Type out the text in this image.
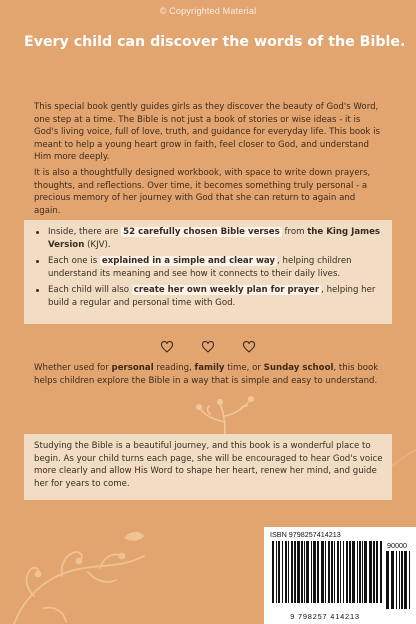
© Copyrighted Material
Every child can discover the words of the Bible.
This special book gently guides girls as they discover the beauty of God's Word, one step at a time. The Bible is not just a book of stories or wise ideas - it is God's living voice, full of love, truth, and guidance for everyday life. This book is meant to help a young heart grow in faith, feel closer to God, and understand Him more deeply.
It is also a thoughtfully designed workbook, with space to write down prayers, thoughts, and reflections. Over time, it becomes something truly personal - a precious memory of her journey with God that she can return to again and again.
Inside, there are 52 carefully chosen Bible verses from the King James Version (KJV).
Each one is explained in a simple and clear way , helping children understand its meaning and see how it connects to their daily lives.
Each child will also create her own weekly plan for prayer , helping her build a regular and personal time with God.
Whether used for personal reading, family time, or Sunday school, this book helps children explore the Bible in a way that is simple and easy to understand.
Studying the Bible is a beautiful journey, and this book is a wonderful place to begin. As your child turns each page, she will be encouraged to hear God's voice more clearly and allow His Word to shape her heart, renew her mind, and guide her for years to come.
ISBN 9798257414213
90000
9 798257 414213
